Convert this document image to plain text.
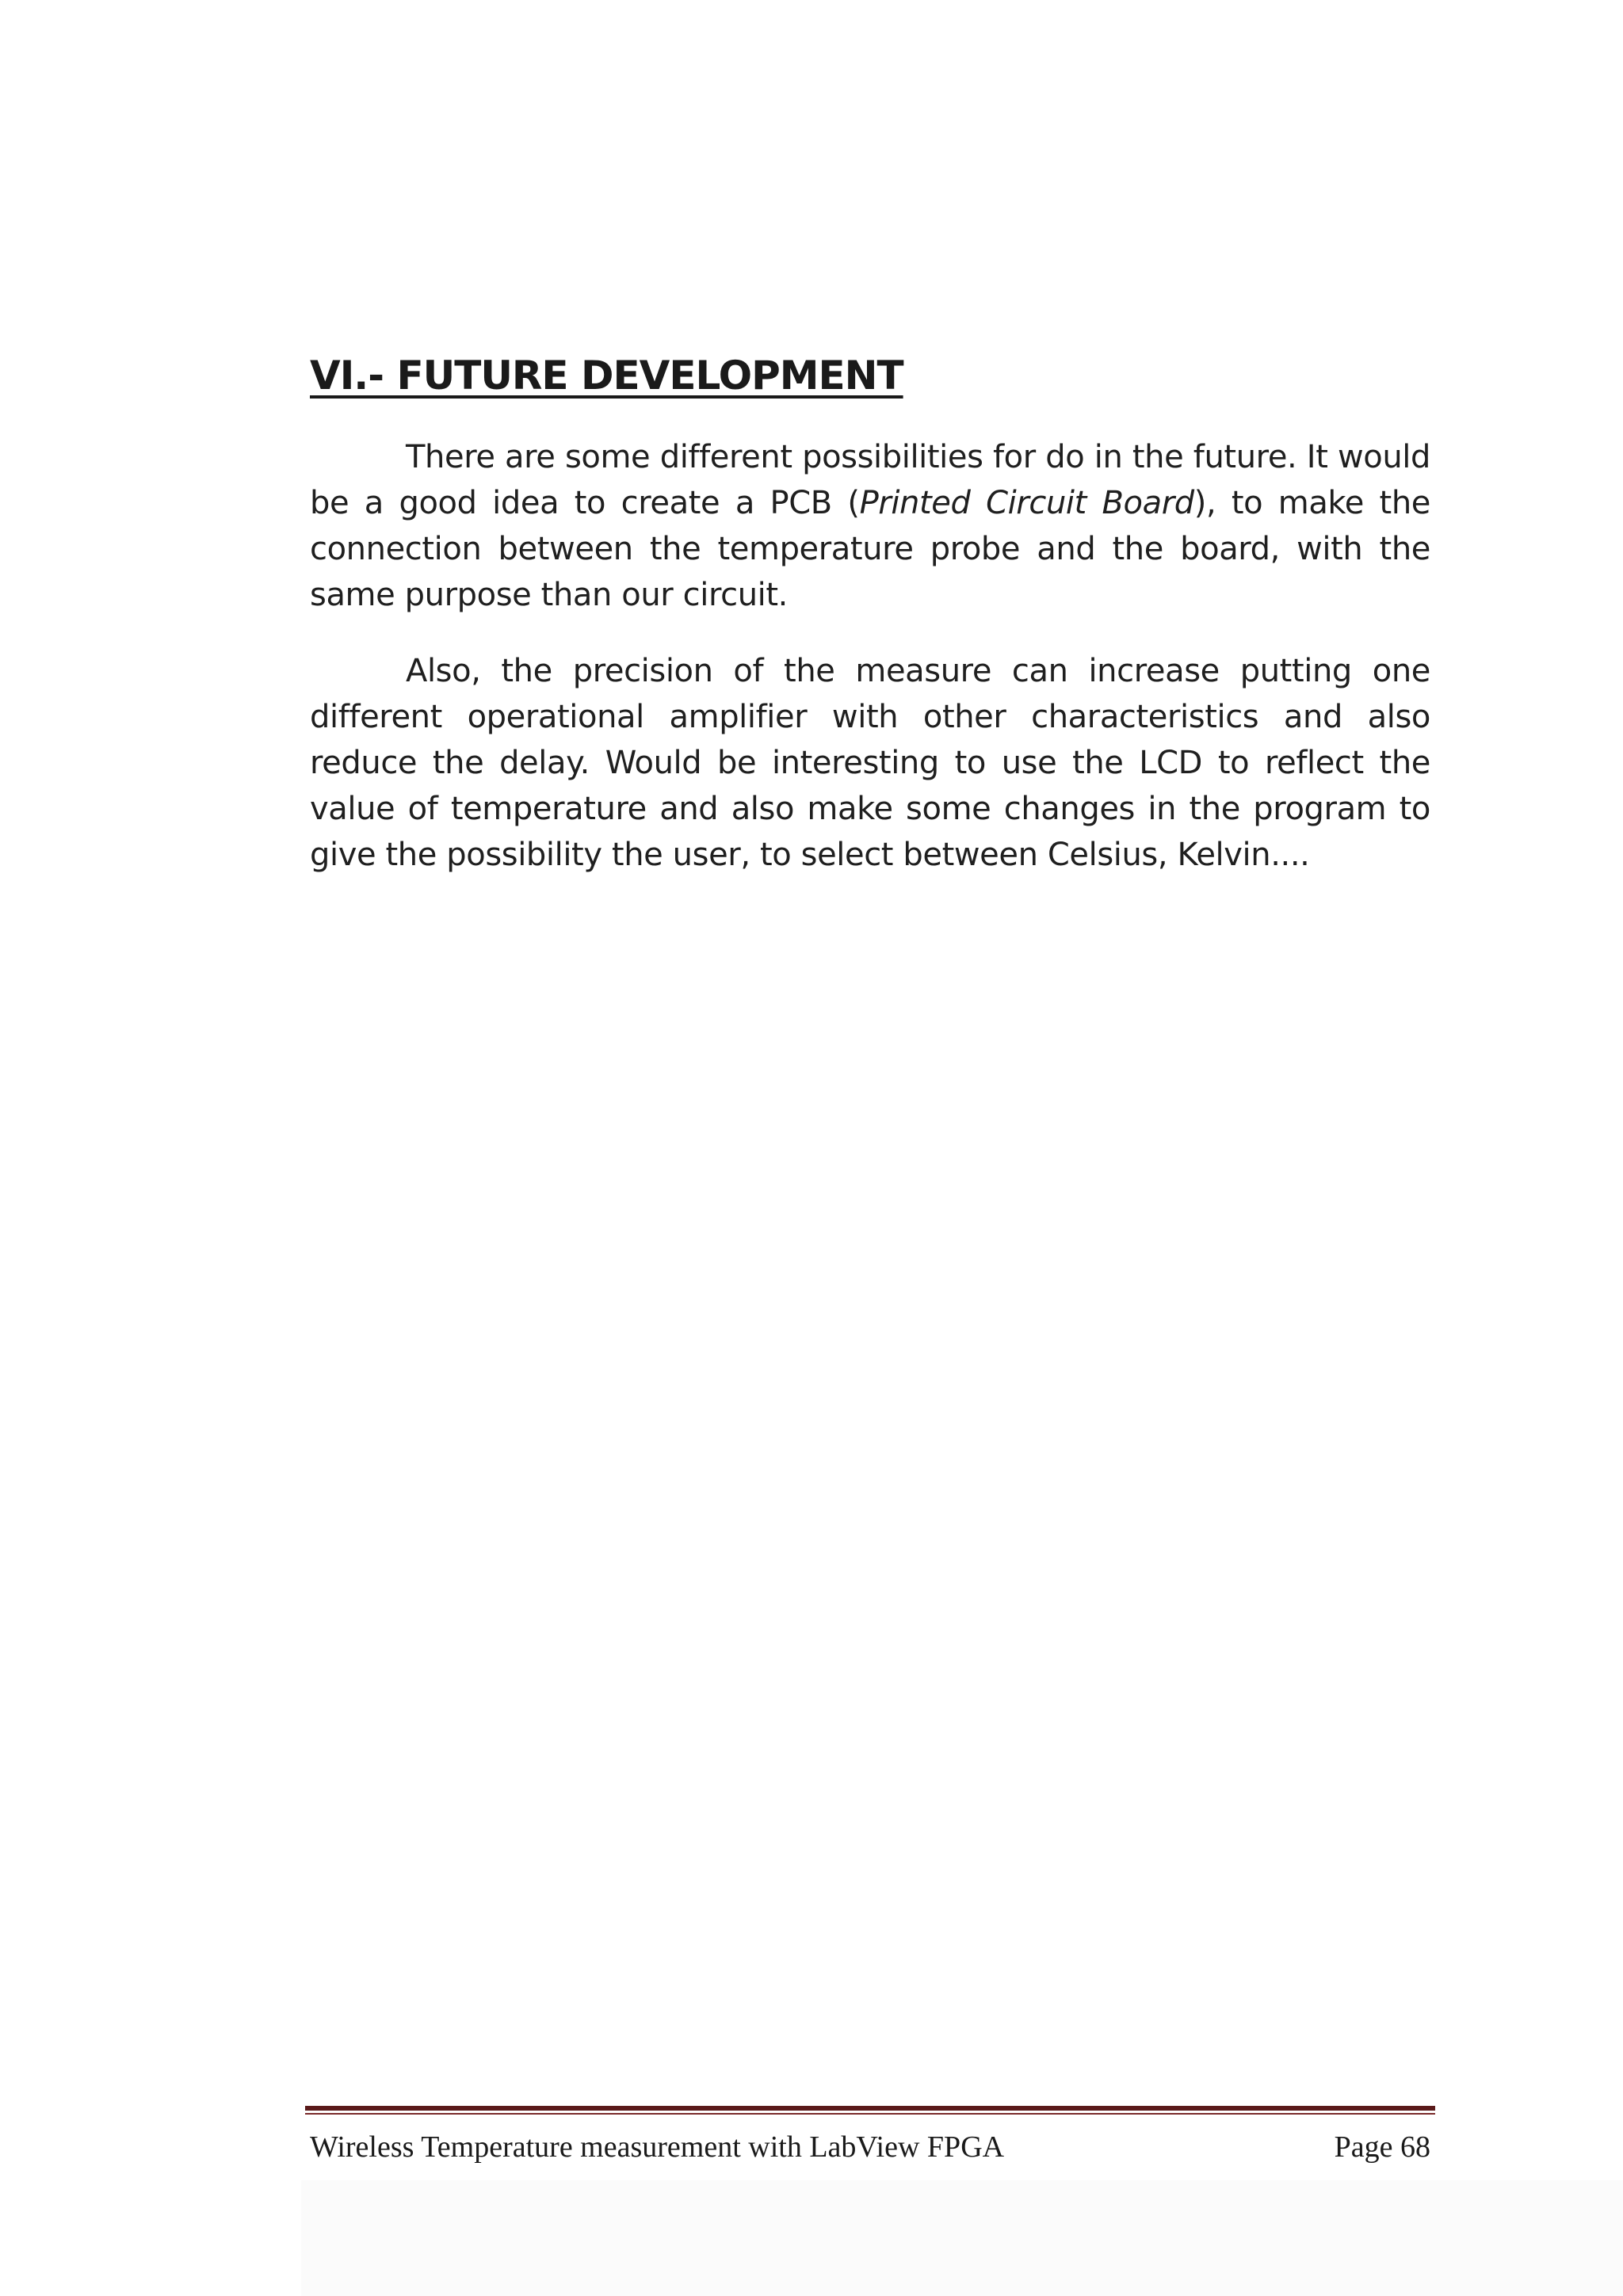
VI.- FUTURE DEVELOPMENT

There are some different possibilities for do in the future. It would be a good idea to create a PCB (Printed Circuit Board), to make the connection between the temperature probe and the board, with the same purpose than our circuit.

Also, the precision of the measure can increase putting one different operational amplifier with other characteristics and also reduce the delay. Would be interesting to use the LCD to reflect the value of temperature and also make some changes in the program to give the possibility the user, to select between Celsius, Kelvin....

Wireless Temperature measurement with LabView FPGA	Page 68
